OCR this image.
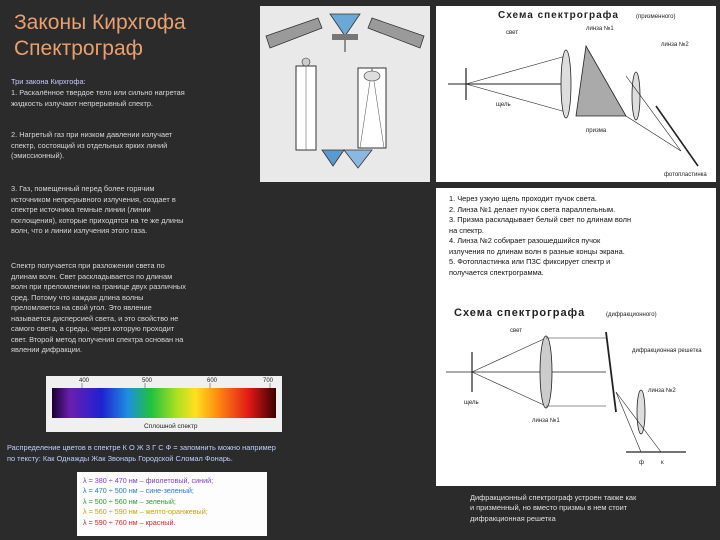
Законы Кирхгофа
Спектрограф
Три закона Кирхгофа:
1. Раскалённое твердое тело или сильно нагретая
жидкость излучают непрерывный спектр.
2. Нагретый газ при низком давлении излучает
спектр, состоящий из отдельных ярких линий
(эмиссионный).
3. Газ, помещенный перед более горячим
источником непрерывного излучения, создает в
спектре источника темные линии (линии
поглощения), которые приходятся на те же длины
волн, что и линии излучения этого газа.
Спектр получается при разложении света по
длинам волн. Свет раскладывается по длинам
волн при преломлении на границе двух различных
сред. Потому что каждая длина волны
преломляется на свой угол. Это явление
называется дисперсией света, и это свойство не
самого света, а среды, через которую проходит
свет. Второй метод получения спектра основан на
явлении дифракции.
400	500	600	700
Сплошной спектр
Распределение цветов в спектре К О Ж З Г С Ф = запомнить можно например
по тексту: Как Однажды Жак Звонарь Городской Сломал Фонарь.
λ = 380 ÷ 470 нм – фиолетовый, синий;
λ = 470 ÷ 500 нм – сине-зеленый;
λ = 500 ÷ 560 нм – зеленый;
λ = 560 ÷ 590 нм – желто-оранжевый;
λ = 590 ÷ 760 нм – красный.
Схема спектрографа	(призменного)
свет
линза №1
линза №2
щель
призма
фотопластинка
1. Через узкую щель проходит пучок света.
2. Линза №1 делает пучок света параллельным.
3. Призма раскладывает белый свет по длинам волн
на спектр.
4. Линза №2 собирает разошедшийся пучок
излучения по длинам волн в разные концы экрана.
5. Фотопластинка или ПЗС фиксирует спектр и
получается спектрограмма.
Схема спектрографа	(дифракционного)
свет
щель
линза №1
дифракционная решетка
линза №2
ф	к
Дифракционный спектрограф устроен также как
и призменный, но вместо призмы в нем стоит
дифракционная решетка
